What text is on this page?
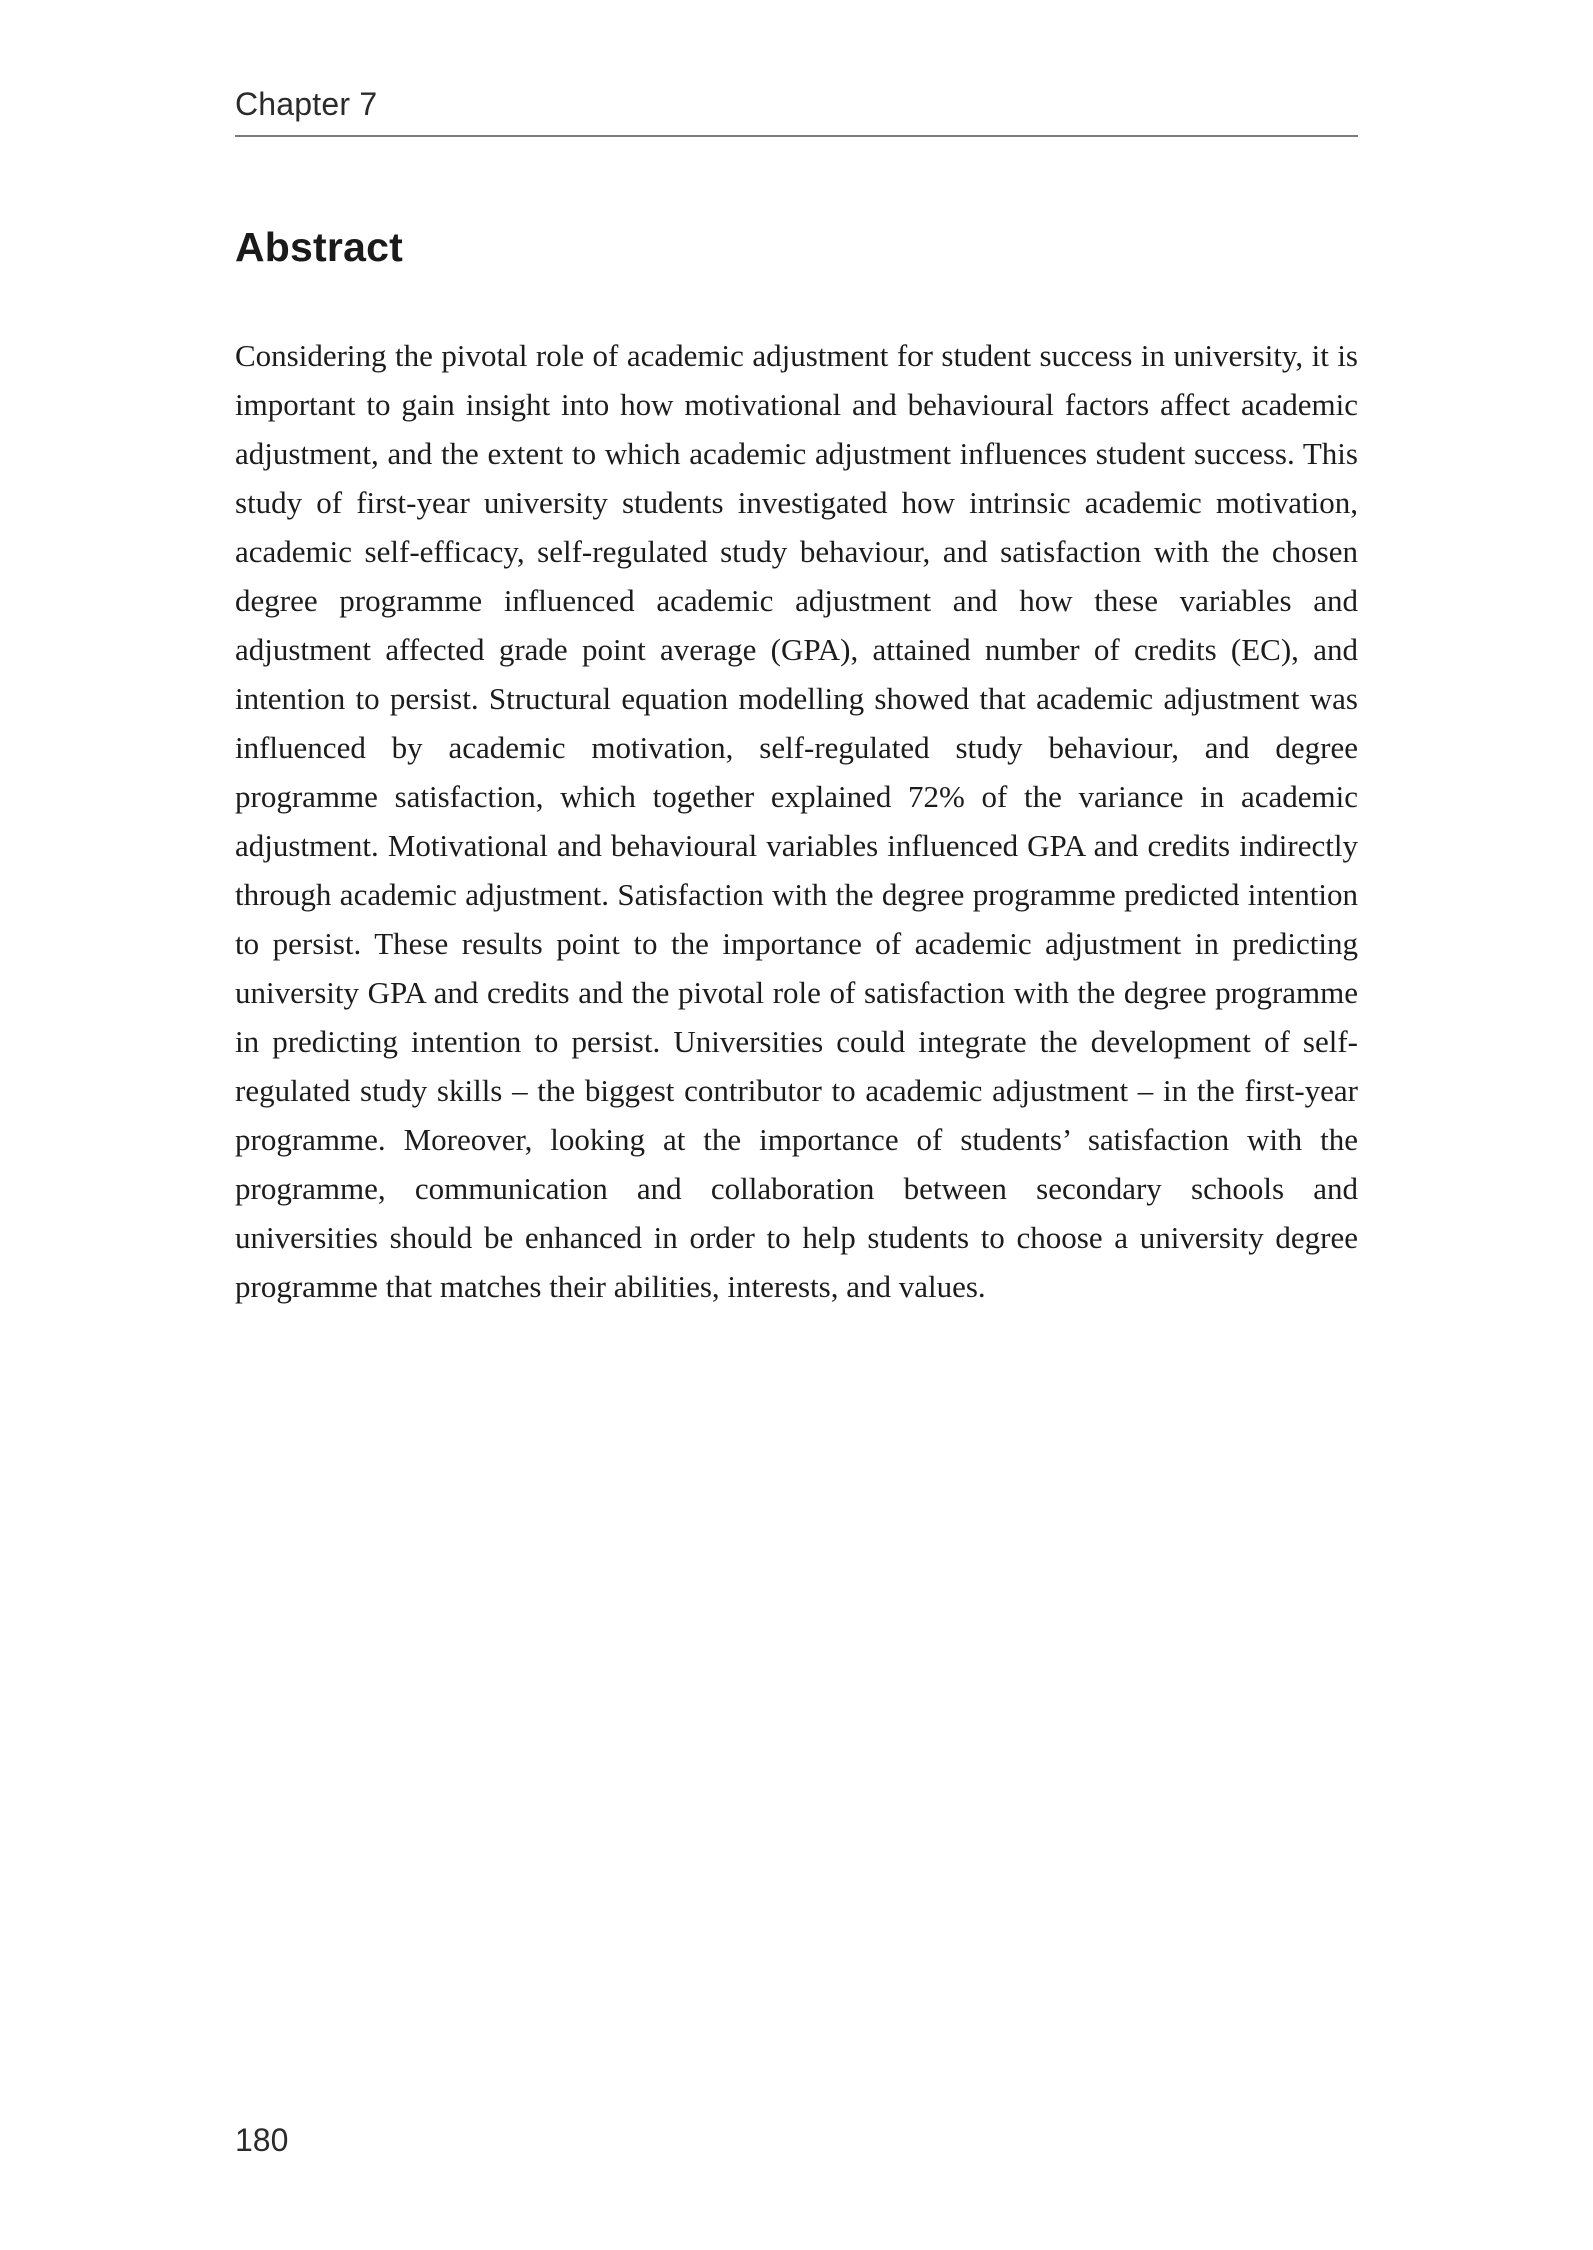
Chapter 7
Abstract

Considering the pivotal role of academic adjustment for student success in university, it is important to gain insight into how motivational and behavioural factors affect academic adjustment, and the extent to which academic adjustment influences student success. This study of first-year university students investigated how intrinsic academic motivation, academic self-efficacy, self-regulated study behaviour, and satisfaction with the chosen degree programme influenced academic adjustment and how these variables and adjustment affected grade point average (GPA), attained number of credits (EC), and intention to persist. Structural equation modelling showed that academic adjustment was influenced by academic motivation, self-regulated study behaviour, and degree programme satisfaction, which together explained 72% of the variance in academic adjustment. Motivational and behavioural variables influenced GPA and credits indirectly through academic adjustment. Satisfaction with the degree programme predicted intention to persist. These results point to the importance of academic adjustment in predicting university GPA and credits and the pivotal role of satisfaction with the degree programme in predicting intention to persist. Universities could integrate the development of self-regulated study skills – the biggest contributor to academic adjustment – in the first-year programme. Moreover, looking at the importance of students’ satisfaction with the programme, communication and collaboration between secondary schools and universities should be enhanced in order to help students to choose a university degree programme that matches their abilities, interests, and values.

180
